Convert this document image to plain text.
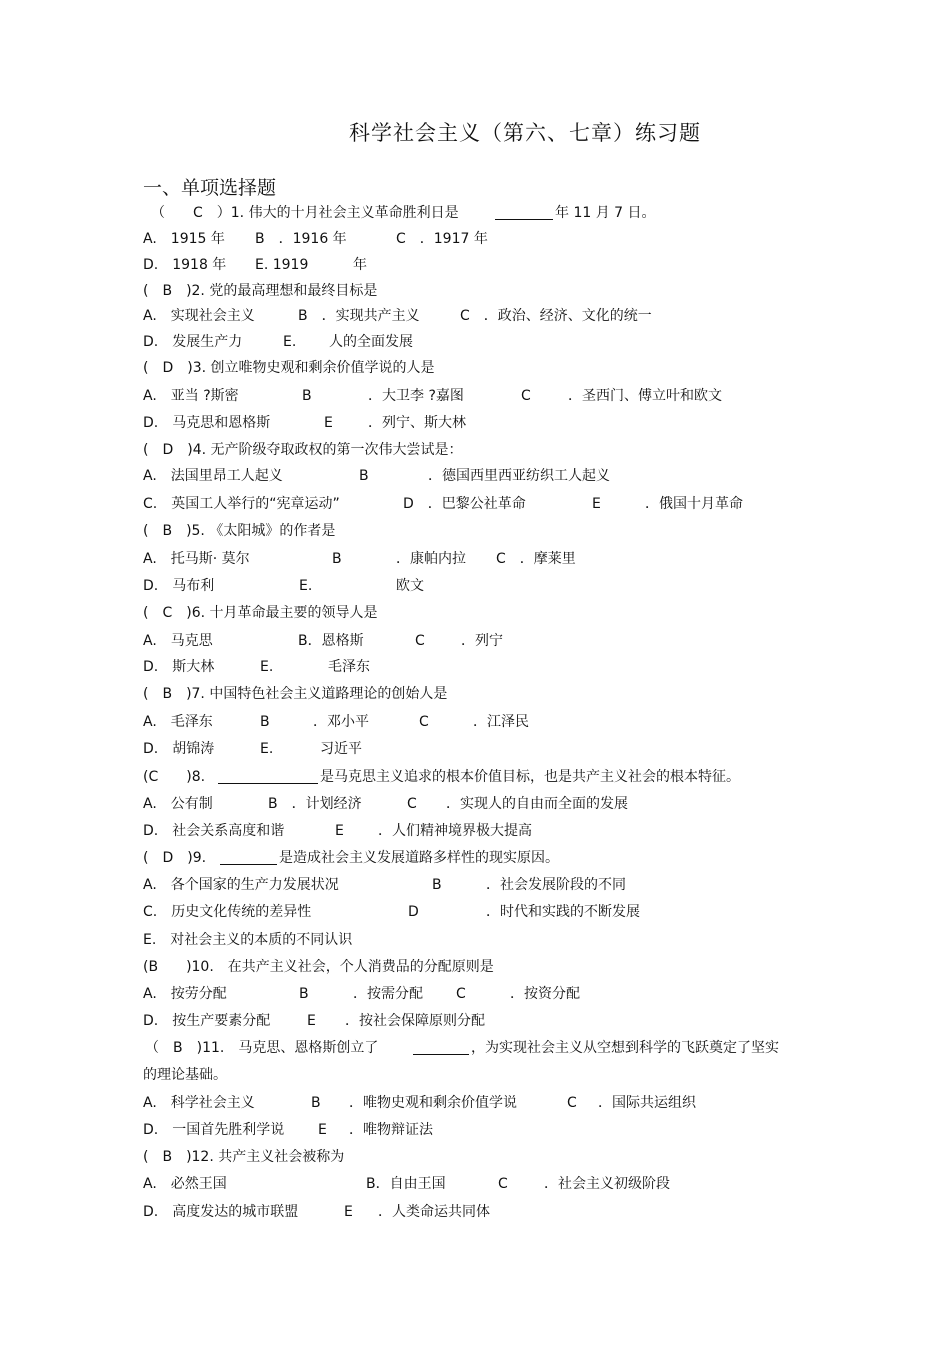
科学社会主义（第六、七章）练习题
一、单项选择题
（　　C　）1. 伟大的十月社会主义革命胜利日是	年 11 月 7 日。
A.　1915 年 B　．1916 年	C　．1917 年
D.　1918 年 E. 1919	年
(　B　)2. 党的最高理想和最终目标是
A.　实现社会主义	B　．实现共产主义	C　．政治、经济、文化的统一
D.　发展生产力	E. 人的全面发展
(　D　)3. 创立唯物史观和剩余价值学说的人是
A.　亚当 ?斯密	B	．大卫李 ?嘉图	C	．圣西门、傅立叶和欧文
D.　马克思和恩格斯	E	．列宁、斯大林
(　D　)4. 无产阶级夺取政权的第一次伟大尝试是：
A.　法国里昂工人起义	B	．德国西里西亚纺织工人起义
C.　英国工人举行的“宪章运动”	D　．巴黎公社革命	E	．俄国十月革命
(　B　)5. 《太阳城》的作者是
A.　托马斯· 莫尔	B	．康帕内拉 C　．摩莱里
D.　马布利	E.	欧文
(　C　)6. 十月革命最主要的领导人是
A.　马克思	B．恩格斯	C	．列宁
D.　斯大林	E.	毛泽东
(　B　)7. 中国特色社会主义道路理论的创始人是
A.　毛泽东	B	．邓小平	C	．江泽民
D.　胡锦涛	E.	习近平
(C　　)8.	是马克思主义追求的根本价值目标，也是共产主义社会的根本特征。
A.　公有制	B　．计划经济	C ．实现人的自由而全面的发展
D.　社会关系高度和谐	E ．人们精神境界极大提高
(　D　)9.	是造成社会主义发展道路多样性的现实原因。
A.　各个国家的生产力发展状况	B	．社会发展阶段的不同
C.　历史文化传统的差异性	D	．时代和实践的不断发展
E.　对社会主义的本质的不同认识
(B　　)10.　在共产主义社会，个人消费品的分配原则是
A.　按劳分配	B	．按需分配 C	．按资分配
D.　按生产要素分配	E ．按社会保障原则分配
（　B　)11.　马克思、恩格斯创立了	，为实现社会主义从空想到科学的飞跃奠定了坚实
的理论基础。
A.　科学社会主义	B ．唯物史观和剩余价值学说	C ．国际共运组织
D.　一国首先胜利学说 E ．唯物辩证法
(　B　)12. 共产主义社会被称为
A.　必然王国	B．自由王国	C	．社会主义初级阶段
D.　高度发达的城市联盟	E ．人类命运共同体
